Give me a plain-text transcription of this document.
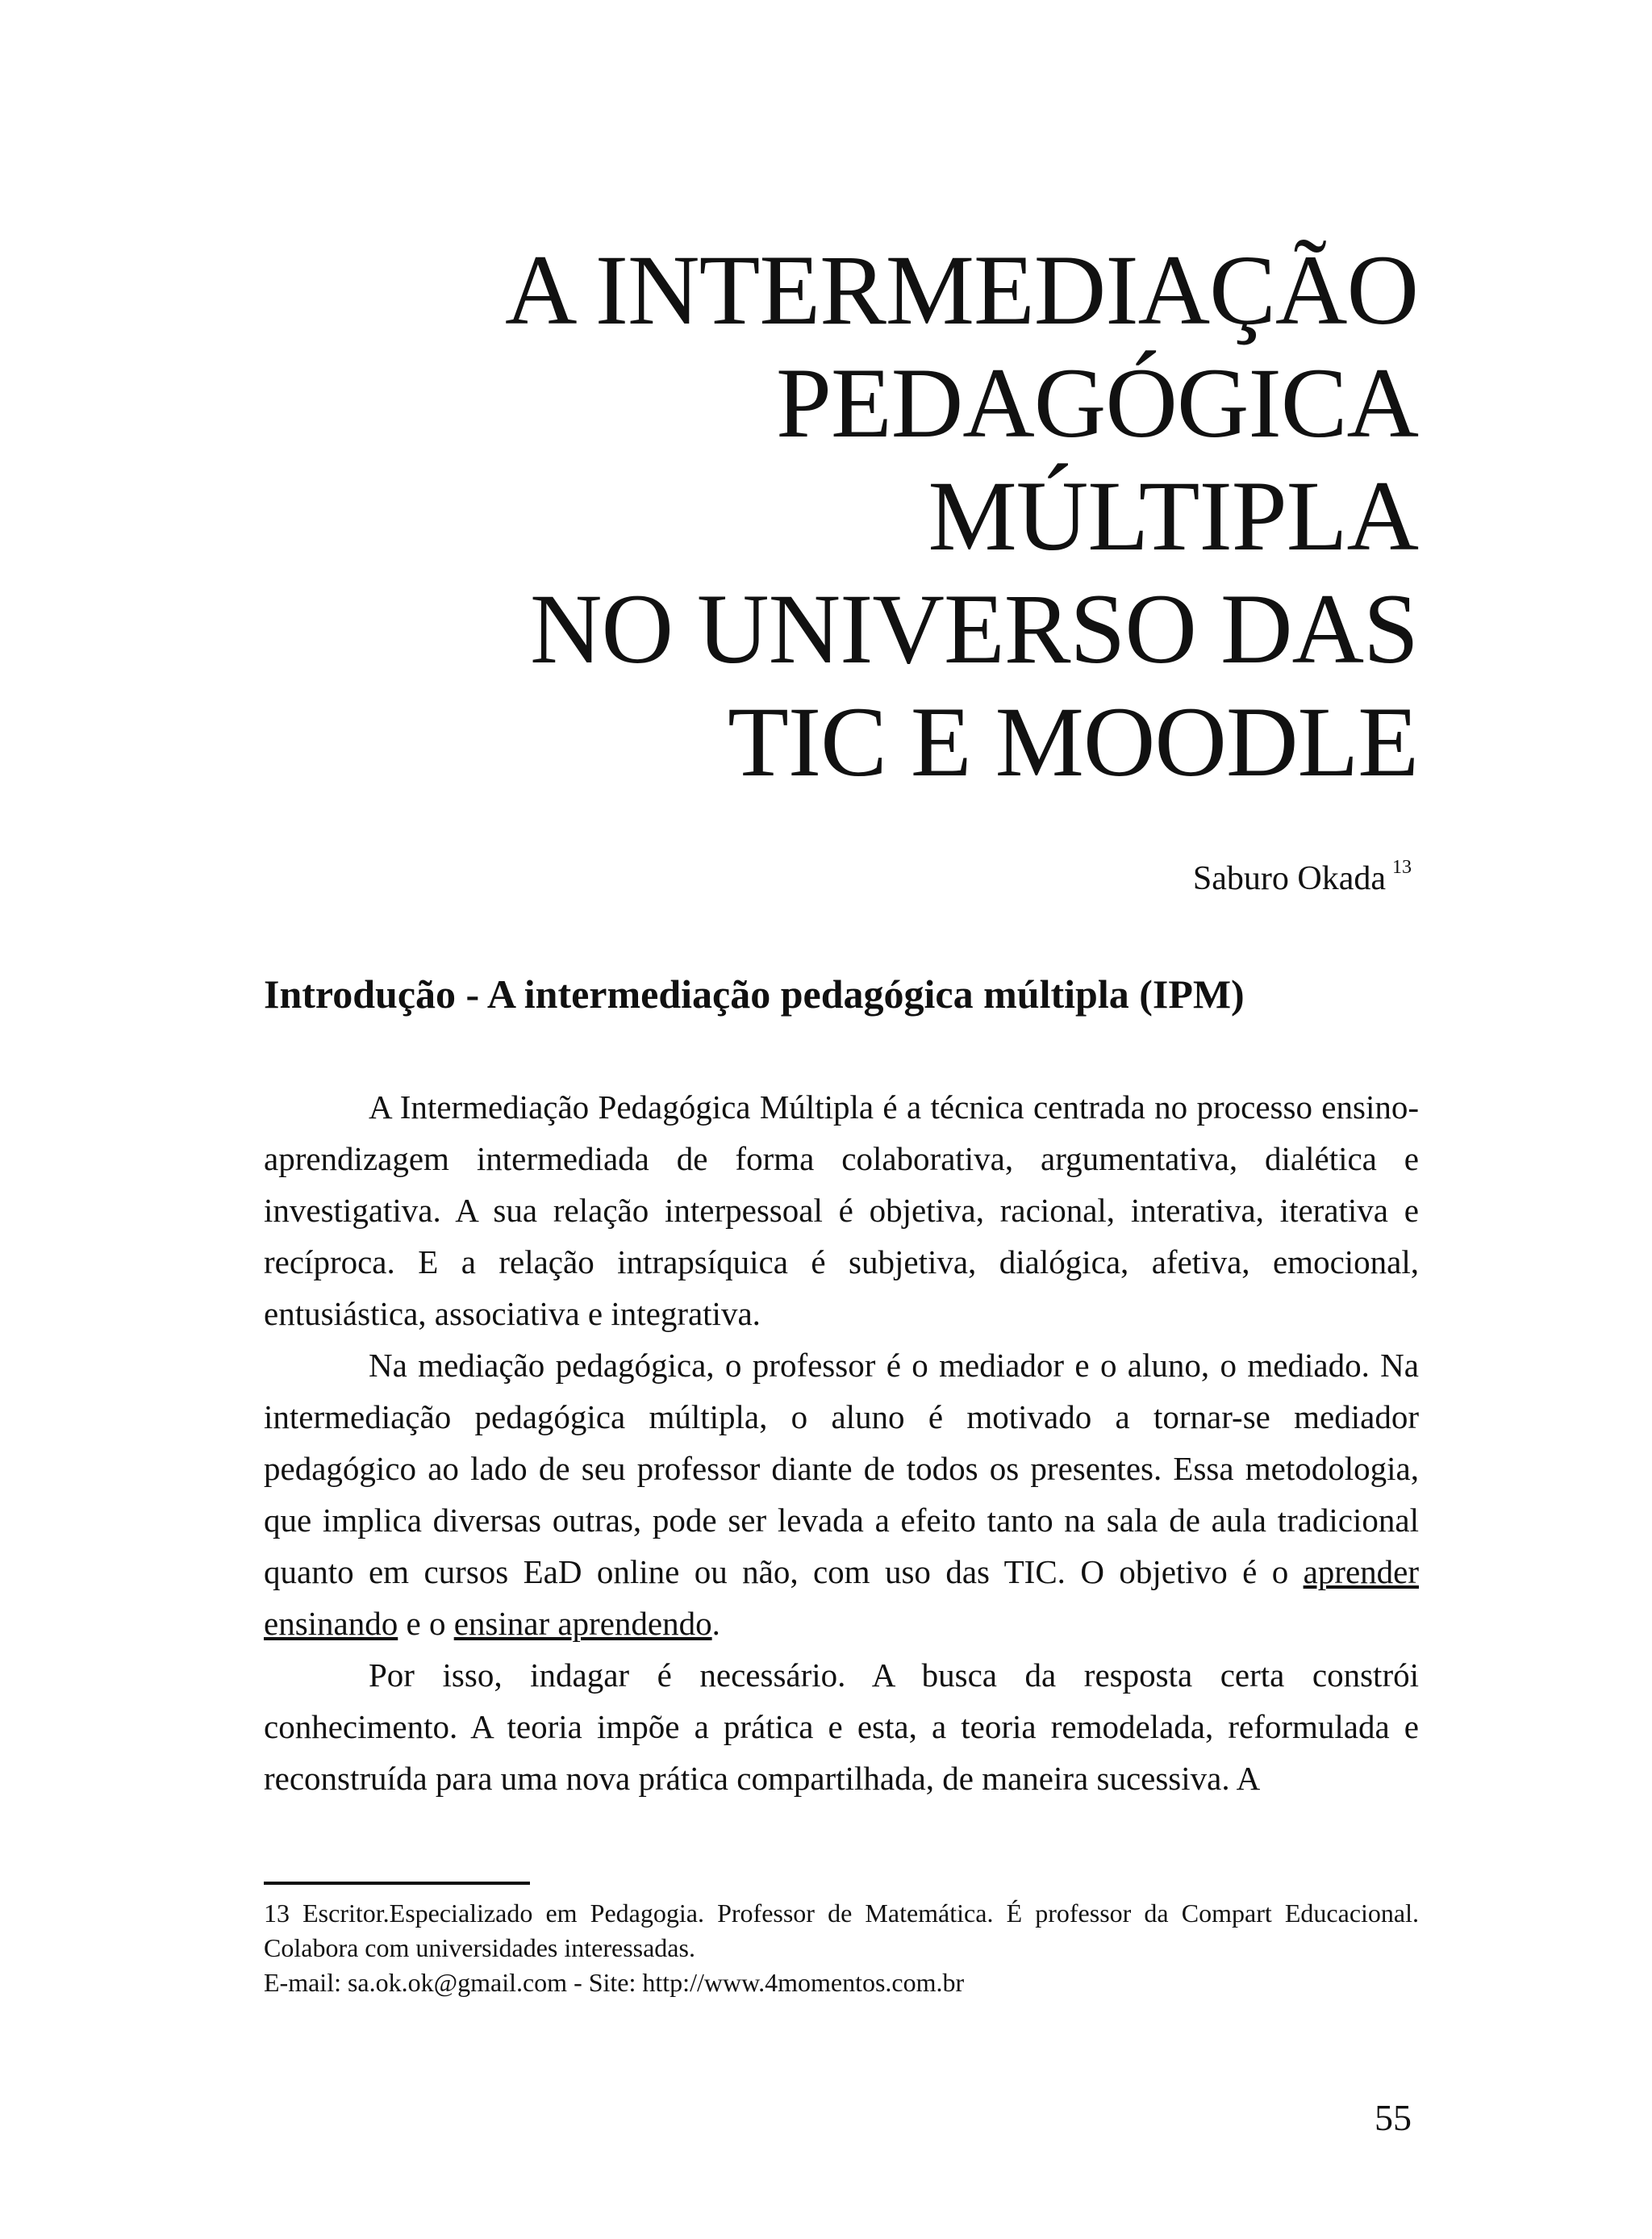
A INTERMEDIAÇÃO
PEDAGÓGICA
MÚLTIPLA
NO UNIVERSO DAS
TIC E MOODLE
Saburo Okada $^{13}$
Introdução - A intermediação pedagógica múltipla (IPM)

A Intermediação Pedagógica Múltipla é a técnica centrada no processo ensino-aprendizagem intermediada de forma colaborativa, argumentativa, dialética e investigativa. A sua relação interpessoal é objetiva, racional, interativa, iterativa e recíproca. E a relação intrapsíquica é subjetiva, dialógica, afetiva, emocional, entusiástica, associativa e integrativa.

Na mediação pedagógica, o professor é o mediador e o aluno, o mediado. Na intermediação pedagógica múltipla, o aluno é motivado a tornar-se mediador pedagógico ao lado de seu professor diante de todos os presentes. Essa metodologia, que implica diversas outras, pode ser levada a efeito tanto na sala de aula tradicional quanto em cursos EaD online ou não, com uso das TIC. O objetivo é o aprender ensinando e o ensinar aprendendo.

Por isso, indagar é necessário. A busca da resposta certa constrói conhecimento. A teoria impõe a prática e esta, a teoria remodelada, reformulada e reconstruída para uma nova prática compartilhada, de maneira sucessiva. A

13 Escritor.Especializado em Pedagogia. Professor de Matemática. É professor da Compart Educacional. Colabora com universidades interessadas.
E-mail: sa.ok.ok@gmail.com - Site: http://www.4momentos.com.br
55
